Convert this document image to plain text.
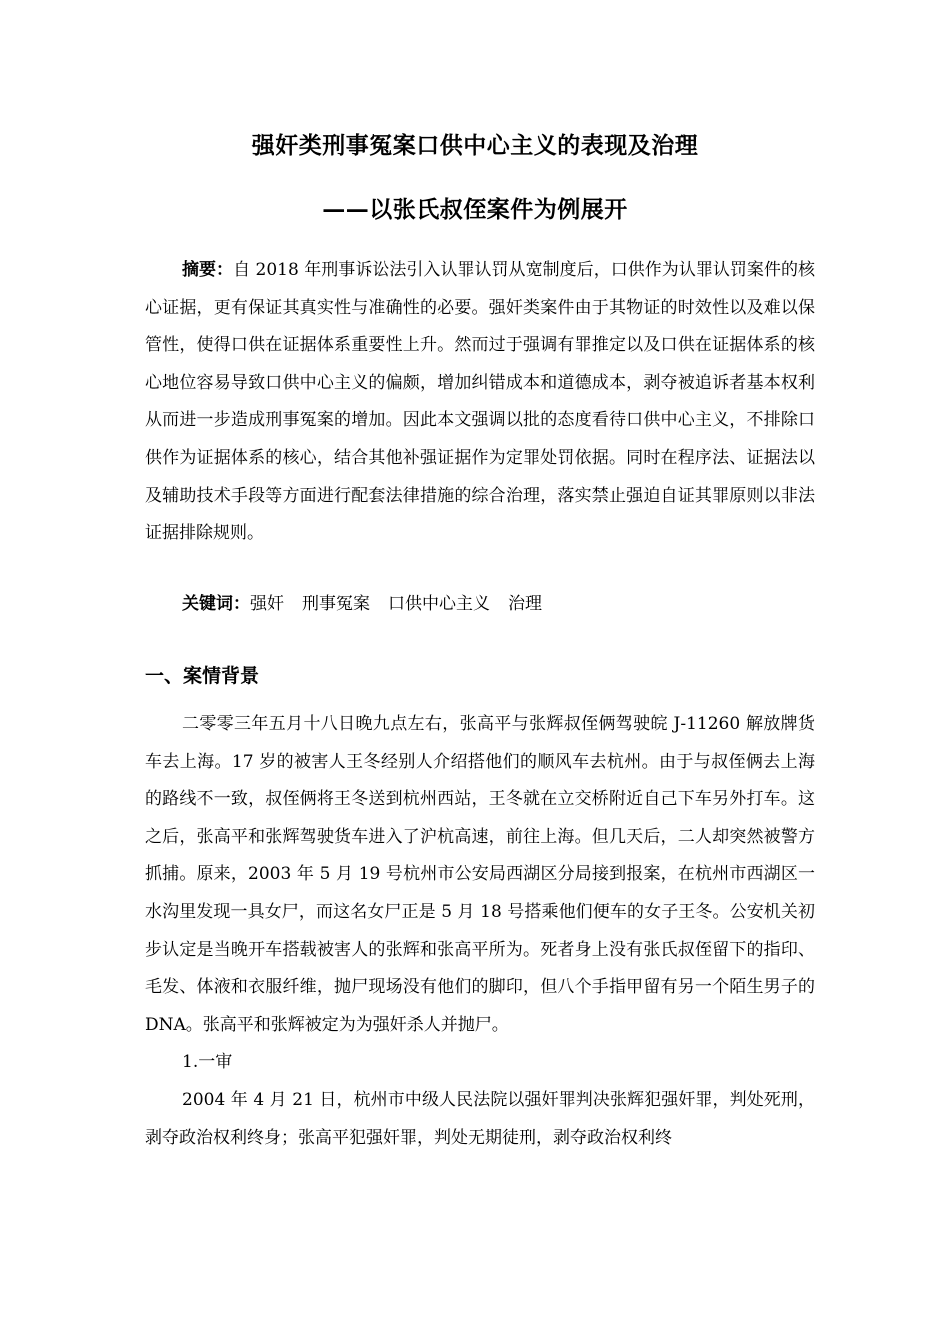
强奸类刑事冤案口供中心主义的表现及治理
——以张氏叔侄案件为例展开

摘要：自 2018 年刑事诉讼法引入认罪认罚从宽制度后，口供作为认罪认罚案件的核心证据，更有保证其真实性与准确性的必要。强奸类案件由于其物证的时效性以及难以保管性，使得口供在证据体系重要性上升。然而过于强调有罪推定以及口供在证据体系的核心地位容易导致口供中心主义的偏颇，增加纠错成本和道德成本，剥夺被追诉者基本权利从而进一步造成刑事冤案的增加。因此本文强调以批的态度看待口供中心主义，不排除口供作为证据体系的核心，结合其他补强证据作为定罪处罚依据。同时在程序法、证据法以及辅助技术手段等方面进行配套法律措施的综合治理，落实禁止强迫自证其罪原则以非法证据排除规则。

关键词：强奸 刑事冤案 口供中心主义 治理

一、案情背景

二零零三年五月十八日晚九点左右，张高平与张辉叔侄俩驾驶皖 J-11260 解放牌货车去上海。17 岁的被害人王冬经别人介绍搭他们的顺风车去杭州。由于与叔侄俩去上海的路线不一致，叔侄俩将王冬送到杭州西站，王冬就在立交桥附近自己下车另外打车。这之后，张高平和张辉驾驶货车进入了沪杭高速，前往上海。但几天后，二人却突然被警方抓捕。原来，2003 年 5 月 19 号杭州市公安局西湖区分局接到报案，在杭州市西湖区一水沟里发现一具女尸，而这名女尸正是 5 月 18 号搭乘他们便车的女子王冬。公安机关初步认定是当晚开车搭载被害人的张辉和张高平所为。死者身上没有张氏叔侄留下的指印、毛发、体液和衣服纤维，抛尸现场没有他们的脚印，但八个手指甲留有另一个陌生男子的 DNA。张高平和张辉被定为为强奸杀人并抛尸。

1.一审

2004 年 4 月 21 日，杭州市中级人民法院以强奸罪判决张辉犯强奸罪，判处死刑，剥夺政治权利终身；张高平犯强奸罪，判处无期徒刑，剥夺政治权利终
